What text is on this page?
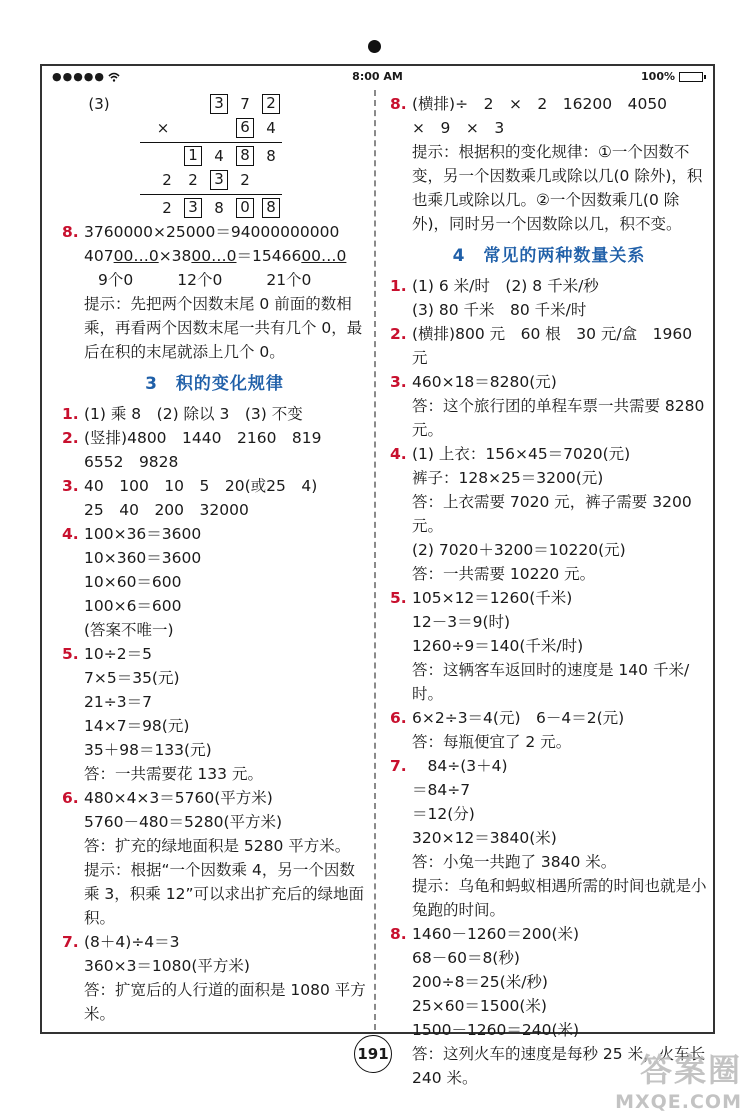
●●●●●	8:00 AM	100%
(3)	3 7 2
×	6 4
1 4 8 8
2 2 3 2
2 3 8 0 8
8. 3760000×25000＝94000000000
407 00…0 ×38 00…0 ＝15466 00…0
9个0	12个0	21个0
提示：先把两个因数末尾 0 前面的数相乘，再看两个因数末尾一共有几个 0，最后在积的末尾就添上几个 0。
3　积的变化规律
1. (1) 乘 8　(2) 除以 3　(3) 不变
2. (竖排)4800　1440　2160　819
6552　9828
3. 40　100　10　5　20(或25　4)
25　40　200　32000
4. 100×36＝3600
10×360＝3600
10×60＝600
100×6＝600
(答案不唯一)
5. 10÷2＝5
7×5＝35(元)
21÷3＝7
14×7＝98(元)
35＋98＝133(元)
答：一共需要花 133 元。
6. 480×4×3＝5760(平方米)
5760－480＝5280(平方米)
答：扩充的绿地面积是 5280 平方米。
提示：根据“一个因数乘 4，另一个因数乘 3，积乘 12”可以求出扩充后的绿地面积。
7. (8＋4)÷4＝3
360×3＝1080(平方米)
答：扩宽后的人行道的面积是 1080 平方米。
8. (横排)÷　2　×　2　16200　4050
×　9　×　3
提示：根据积的变化规律：①一个因数不变，另一个因数乘几或除以几(0 除外)，积也乘几或除以几。②一个因数乘几(0 除外)，同时另一个因数除以几，积不变。
4　常见的两种数量关系
1. (1) 6 米/时　(2) 8 千米/秒
(3) 80 千米　80 千米/时
2. (横排)800 元　60 根　30 元/盒　1960 元
3. 460×18＝8280(元)
答：这个旅行团的单程车票一共需要 8280 元。
4. (1) 上衣：156×45＝7020(元)
裤子：128×25＝3200(元)
答：上衣需要 7020 元，裤子需要 3200 元。
(2) 7020＋3200＝10220(元)
答：一共需要 10220 元。
5. 105×12＝1260(千米)
12－3＝9(时)
1260÷9＝140(千米/时)
答：这辆客车返回时的速度是 140 千米/时。
6. 6×2÷3＝4(元)　6－4＝2(元)
答：每瓶便宜了 2 元。
7. 　84÷(3＋4)
＝84÷7
＝12(分)
320×12＝3840(米)
答：小兔一共跑了 3840 米。
提示：乌龟和蚂蚁相遇所需的时间也就是小兔跑的时间。
8. 1460－1260＝200(米)
68－60＝8(秒)
200÷8＝25(米/秒)
25×60＝1500(米)
1500－1260＝240(米)
答：这列火车的速度是每秒 25 米，火车长 240 米。
191	答案圈
MXQE.COM
